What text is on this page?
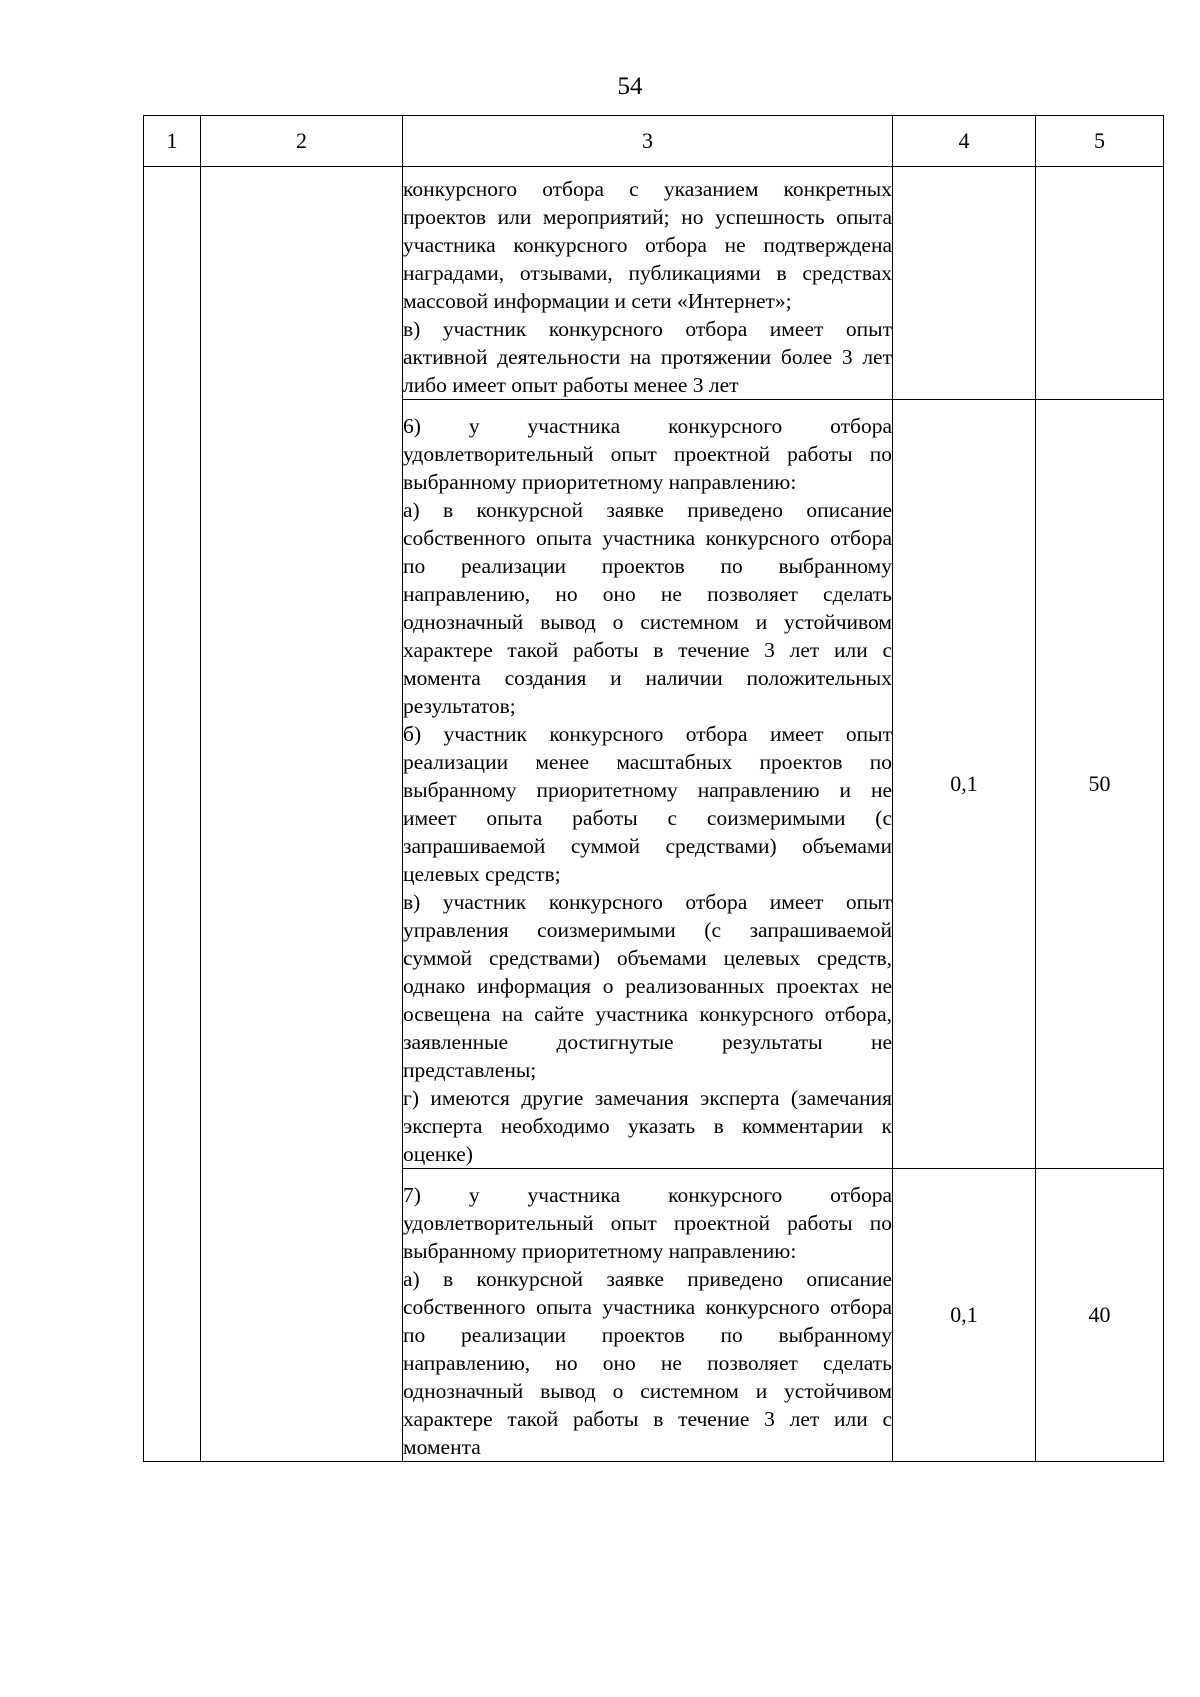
54
1	2	3	4	5

		конкурсного отбора с указанием конкретных проектов или мероприятий; но успешность опыта участника конкурсного отбора не подтверждена наградами, отзывами, публикациями в средствах массовой информации и сети «Интернет»;

в) участник конкурсного отбора имеет опыт активной деятельности на протяжении более 3 лет либо имеет опыт работы менее 3 лет		

		6) у участника конкурсного отбора удовлетворительный опыт проектной работы по выбранному приоритетному направлению:

а) в конкурсной заявке приведено описание собственного опыта участника конкурсного отбора по реализации проектов по выбранному направлению, но оно не позволяет сделать однозначный вывод о системном и устойчивом характере такой работы в течение 3 лет или с момента создания и наличии положительных результатов;

б) участник конкурсного отбора имеет опыт реализации менее масштабных проектов по выбранному приоритетному направлению и не имеет опыта работы с соизмеримыми (с запрашиваемой суммой средствами) объемами целевых средств;

в) участник конкурсного отбора имеет опыт управления соизмеримыми (с запрашиваемой суммой средствами) объемами целевых средств, однако информация о реализованных проектах не освещена на сайте участника конкурсного отбора, заявленные достигнутые результаты не представлены;

г) имеются другие замечания эксперта (замечания эксперта необходимо указать в комментарии к оценке)	0,1	50

		7) у участника конкурсного отбора удовлетворительный опыт проектной работы по выбранному приоритетному направлению:

а) в конкурсной заявке приведено описание собственного опыта участника конкурсного отбора по реализации проектов по выбранному направлению, но оно не позволяет сделать однозначный вывод о системном и устойчивом характере такой работы в течение 3 лет или с момента	0,1	40
